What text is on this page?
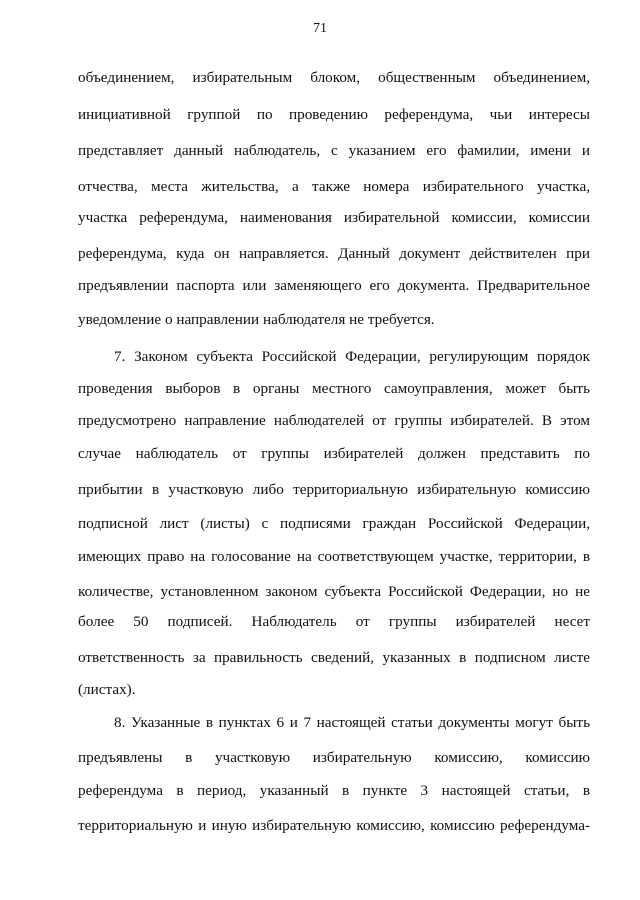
71
объединением, избирательным блоком, общественным объединением,
инициативной группой по проведению референдума, чьи интересы
представляет данный наблюдатель, с указанием его фамилии, имени и
отчества, места жительства, а также номера избирательного участка,
участка референдума, наименования избирательной комиссии, комиссии
референдума, куда он направляется. Данный документ действителен при
предъявлении паспорта или заменяющего его документа. Предварительное
уведомление о направлении наблюдателя не требуется.
7. Законом субъекта Российской Федерации, регулирующим порядок
проведения выборов в органы местного самоуправления, может быть
предусмотрено направление наблюдателей от группы избирателей. В этом
случае наблюдатель от группы избирателей должен представить по
прибытии в участковую либо территориальную избирательную комиссию
подписной лист (листы) с подписями граждан Российской Федерации,
имеющих право на голосование на соответствующем участке, территории, в
количестве, установленном законом субъекта Российской Федерации, но не
более 50 подписей. Наблюдатель от группы избирателей несет
ответственность за правильность сведений, указанных в подписном листе
(листах).
8. Указанные в пунктах 6 и 7 настоящей статьи документы могут быть
предъявлены в участковую избирательную комиссию, комиссию
референдума в период, указанный в пункте 3 настоящей статьи, в
территориальную и иную избирательную комиссию, комиссию референдума-
